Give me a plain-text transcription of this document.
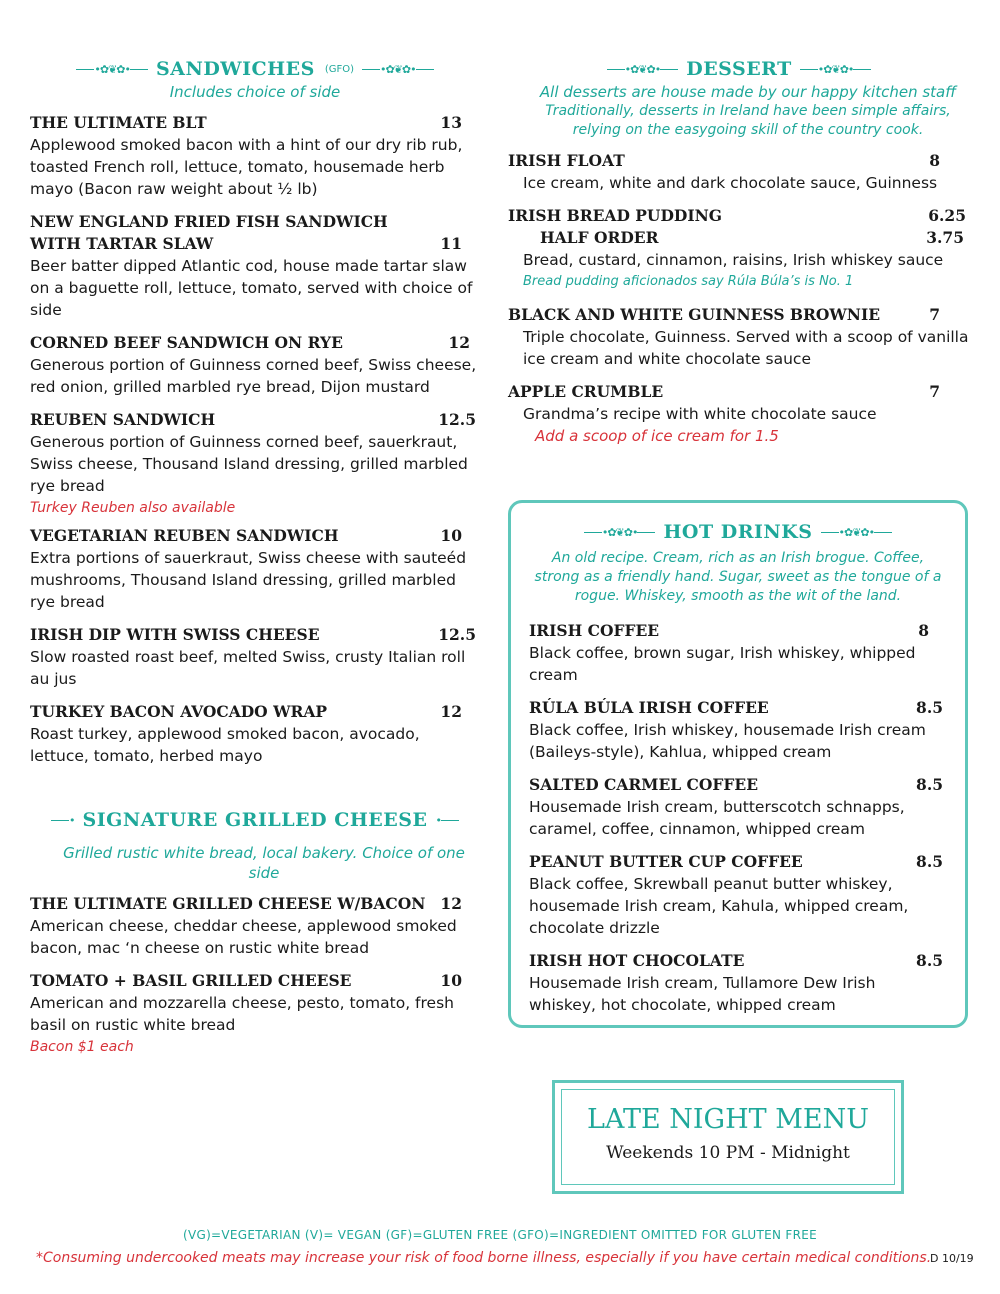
•✿❦✿•	SANDWICHES (GFO)	•✿❦✿•
Includes choice of side
THE ULTIMATE BLT	13
Applewood smoked bacon with a hint of our dry rib rub, toasted French roll, lettuce, tomato, housemade herb mayo (Bacon raw weight about ½ lb)
NEW ENGLAND FRIED FISH SANDWICH
WITH TARTAR SLAW	11
Beer batter dipped Atlantic cod, house made tartar slaw on a baguette roll, lettuce, tomato, served with choice of side
CORNED BEEF SANDWICH ON RYE	12
Generous portion of Guinness corned beef, Swiss cheese, red onion, grilled marbled rye bread, Dijon mustard
REUBEN SANDWICH	12.5
Generous portion of Guinness corned beef, sauerkraut, Swiss cheese, Thousand Island dressing, grilled marbled rye bread
Turkey Reuben also available
VEGETARIAN REUBEN SANDWICH	10
Extra portions of sauerkraut, Swiss cheese with sauteéd mushrooms, Thousand Island dressing, grilled marbled rye bread
IRISH DIP WITH SWISS CHEESE	12.5
Slow roasted roast beef, melted Swiss, crusty Italian roll au jus
TURKEY BACON AVOCADO WRAP	12
Roast turkey, applewood smoked bacon, avocado, lettuce, tomato, herbed mayo
• SIGNATURE GRILLED CHEESE •
Grilled rustic white bread, local bakery. Choice of one side
THE ULTIMATE GRILLED CHEESE W/BACON 12
American cheese, cheddar cheese, applewood smoked bacon, mac ‘n cheese on rustic white bread
TOMATO + BASIL GRILLED CHEESE	10
American and mozzarella cheese, pesto, tomato, fresh basil on rustic white bread
Bacon $1 each
•✿❦✿•	DESSERT	•✿❦✿•
All desserts are house made by our happy kitchen staff
Traditionally, desserts in Ireland have been simple affairs, relying on the easygoing skill of the country cook.
IRISH FLOAT	8
Ice cream, white and dark chocolate sauce, Guinness
IRISH BREAD PUDDING	6.25
HALF ORDER	3.75
Bread, custard, cinnamon, raisins, Irish whiskey sauce
Bread pudding aficionados say Rúla Búla’s is No. 1
BLACK AND WHITE GUINNESS BROWNIE	7
Triple chocolate, Guinness. Served with a scoop of vanilla ice cream and white chocolate sauce
APPLE CRUMBLE	7
Grandma’s recipe with white chocolate sauce
Add a scoop of ice cream for 1.5
•✿❦✿•	HOT DRINKS	•✿❦✿•
An old recipe. Cream, rich as an Irish brogue. Coffee, strong as a friendly hand. Sugar, sweet as the tongue of a rogue. Whiskey, smooth as the wit of the land.
IRISH COFFEE	8
Black coffee, brown sugar, Irish whiskey, whipped cream
RÚLA BÚLA IRISH COFFEE	8.5
Black coffee, Irish whiskey, housemade Irish cream (Baileys-style), Kahlua, whipped cream
SALTED CARMEL COFFEE	8.5
Housemade Irish cream, butterscotch schnapps, caramel, coffee, cinnamon, whipped cream
PEANUT BUTTER CUP COFFEE	8.5
Black coffee, Skrewball peanut butter whiskey, housemade Irish cream, Kahula, whipped cream, chocolate drizzle
IRISH HOT CHOCOLATE	8.5
Housemade Irish cream, Tullamore Dew Irish whiskey, hot chocolate, whipped cream
LATE NIGHT MENU
Weekends 10 PM - Midnight
(VG)=VEGETARIAN (V)= VEGAN (GF)=GLUTEN FREE (GFO)=INGREDIENT OMITTED FOR GLUTEN FREE
*Consuming undercooked meats may increase your risk of food borne illness, especially if you have certain medical conditions.
D 10/19
